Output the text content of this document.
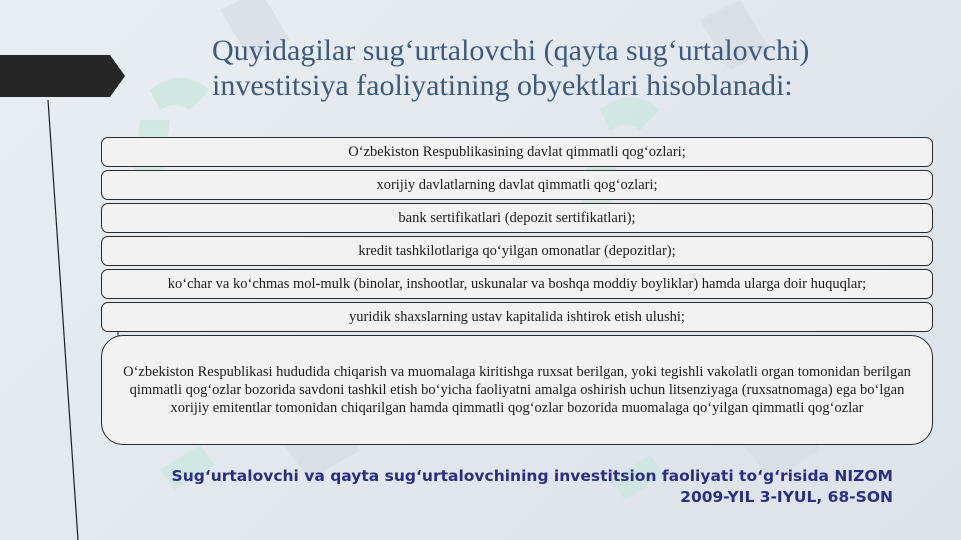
Quyidagilar sug‘urtalovchi (qayta sug‘urtalovchi)
investitsiya faoliyatining obyektlari hisoblanadi:
O‘zbekiston Respublikasining davlat qimmatli qog‘ozlari;
xorijiy davlatlarning davlat qimmatli qog‘ozlari;
bank sertifikatlari (depozit sertifikatlari);
kredit tashkilotlariga qo‘yilgan omonatlar (depozitlar);
ko‘char va ko‘chmas mol-mulk (binolar, inshootlar, uskunalar va boshqa moddiy boyliklar) hamda ularga doir huquqlar;
yuridik shaxslarning ustav kapitalida ishtirok etish ulushi;
O‘zbekiston Respublikasi hududida chiqarish va muomalaga kiritishga ruxsat berilgan, yoki tegishli vakolatli organ tomonidan berilgan qimmatli qog‘ozlar bozorida savdoni tashkil etish bo‘yicha faoliyatni amalga oshirish uchun litsenziyaga (ruxsatnomaga) ega bo‘lgan xorijiy emitentlar tomonidan chiqarilgan hamda qimmatli qog‘ozlar bozorida muomalaga qo‘yilgan qimmatli qog‘ozlar
Sug‘urtalovchi va qayta sug‘urtalovchining investitsion faoliyati to‘g‘risida NIZOM
2009-YIL 3-IYUL, 68-SON
